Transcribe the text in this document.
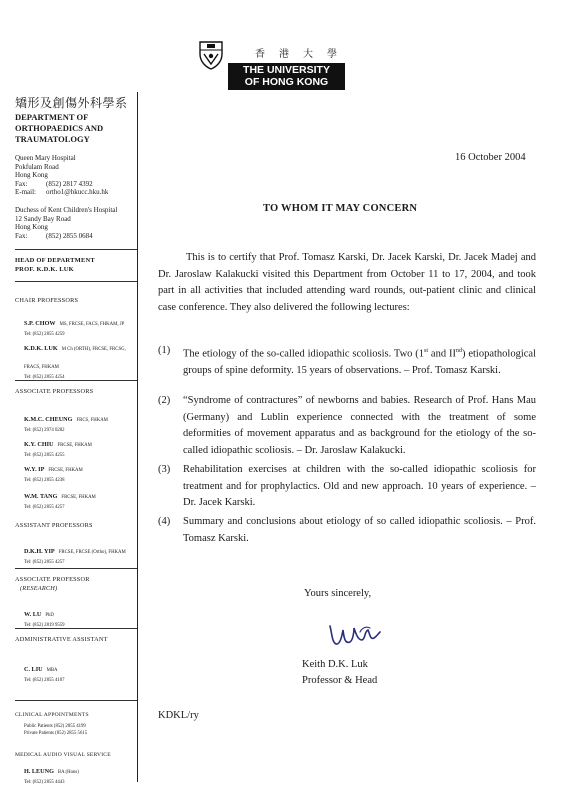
香港大學
THE UNIVERSITY
OF HONG KONG
矯形及創傷外科學系
DEPARTMENT OF
ORTHOPAEDICS AND
TRAUMATOLOGY
Queen Mary Hospital
Pokfulam Road
Hong Kong
Fax:	(852) 2817 4392
E-mail: ortho1@hkucc.hku.hk
Duchess of Kent Children's Hospital
12 Sandy Bay Road
Hong Kong
Fax:	(852) 2855 0684
HEAD OF DEPARTMENT
PROF. K.D.K. LUK
CHAIR PROFESSORS
S.P. CHOW MS, FRCSE, FACS, FHKAM, JP
Tel: (852) 2855 4259
K.D.K. LUK M Ch (ORTH), FRCSE, FRCSG, FRACS, FHKAM
Tel: (852) 2855 4254
ASSOCIATE PROFESSORS
K.M.C. CHEUNG FRCS, FHKAM
Tel: (852) 2974 0282
K.Y. CHIU FRCSE, FHKAM
Tel: (852) 2855 4255
W.Y. IP FRCSE, FHKAM
Tel: (852) 2855 4238
W.M. TANG FRCSE, FHKAM
Tel: (852) 2855 4257
ASSISTANT PROFESSORS
D.K.H. YIP FRCSE, FRCSE (Ortho), FHKAM
Tel: (852) 2855 4257
ASSOCIATE PROFESSOR
(RESEARCH)
W. LU PhD
Tel: (852) 2819 9559
ADMINISTRATIVE ASSISTANT
C. LIU MBA
Tel: (852) 2855 4107
CLINICAL APPOINTMENTS
Public Patients (852) 2855 4199
Private Patients (852) 2855 5615
MEDICAL AUDIO VISUAL SERVICE
H. LEUNG BA (Hons)
Tel: (852) 2855 4443
16 October 2004
TO WHOM IT MAY CONCERN
This is to certify that Prof. Tomasz Karski, Dr. Jacek Karski, Dr. Jacek Madej and Dr. Jaroslaw Kalakucki visited this Department from October 11 to 17, 2004, and took part in all activities that included attending ward rounds, out-patient clinic and clinical case conference. They also delivered the following lectures:
(1) The etiology of the so-called idiopathic scoliosis. Two (1st and IInd) etiopathological groups of spine deformity. 15 years of observations. – Prof. Tomasz Karski.
(2) “Syndrome of contractures” of newborns and babies. Research of Prof. Hans Mau (Germany) and Lublin experience connected with the treatment of some deformities of movement apparatus and as background for the etiology of the so-called idiopathic scoliosis. – Dr. Jaroslaw Kalakucki.
(3) Rehabilitation exercises at children with the so-called idiopathic scoliosis for treatment and for prophylactics. Old and new approach. 10 years of experience. – Dr. Jacek Karski.
(4) Summary and conclusions about etiology of so called idiopathic scoliosis. – Prof. Tomasz Karski.
Yours sincerely,
Keith D.K. Luk
Professor & Head
KDKL/ry
